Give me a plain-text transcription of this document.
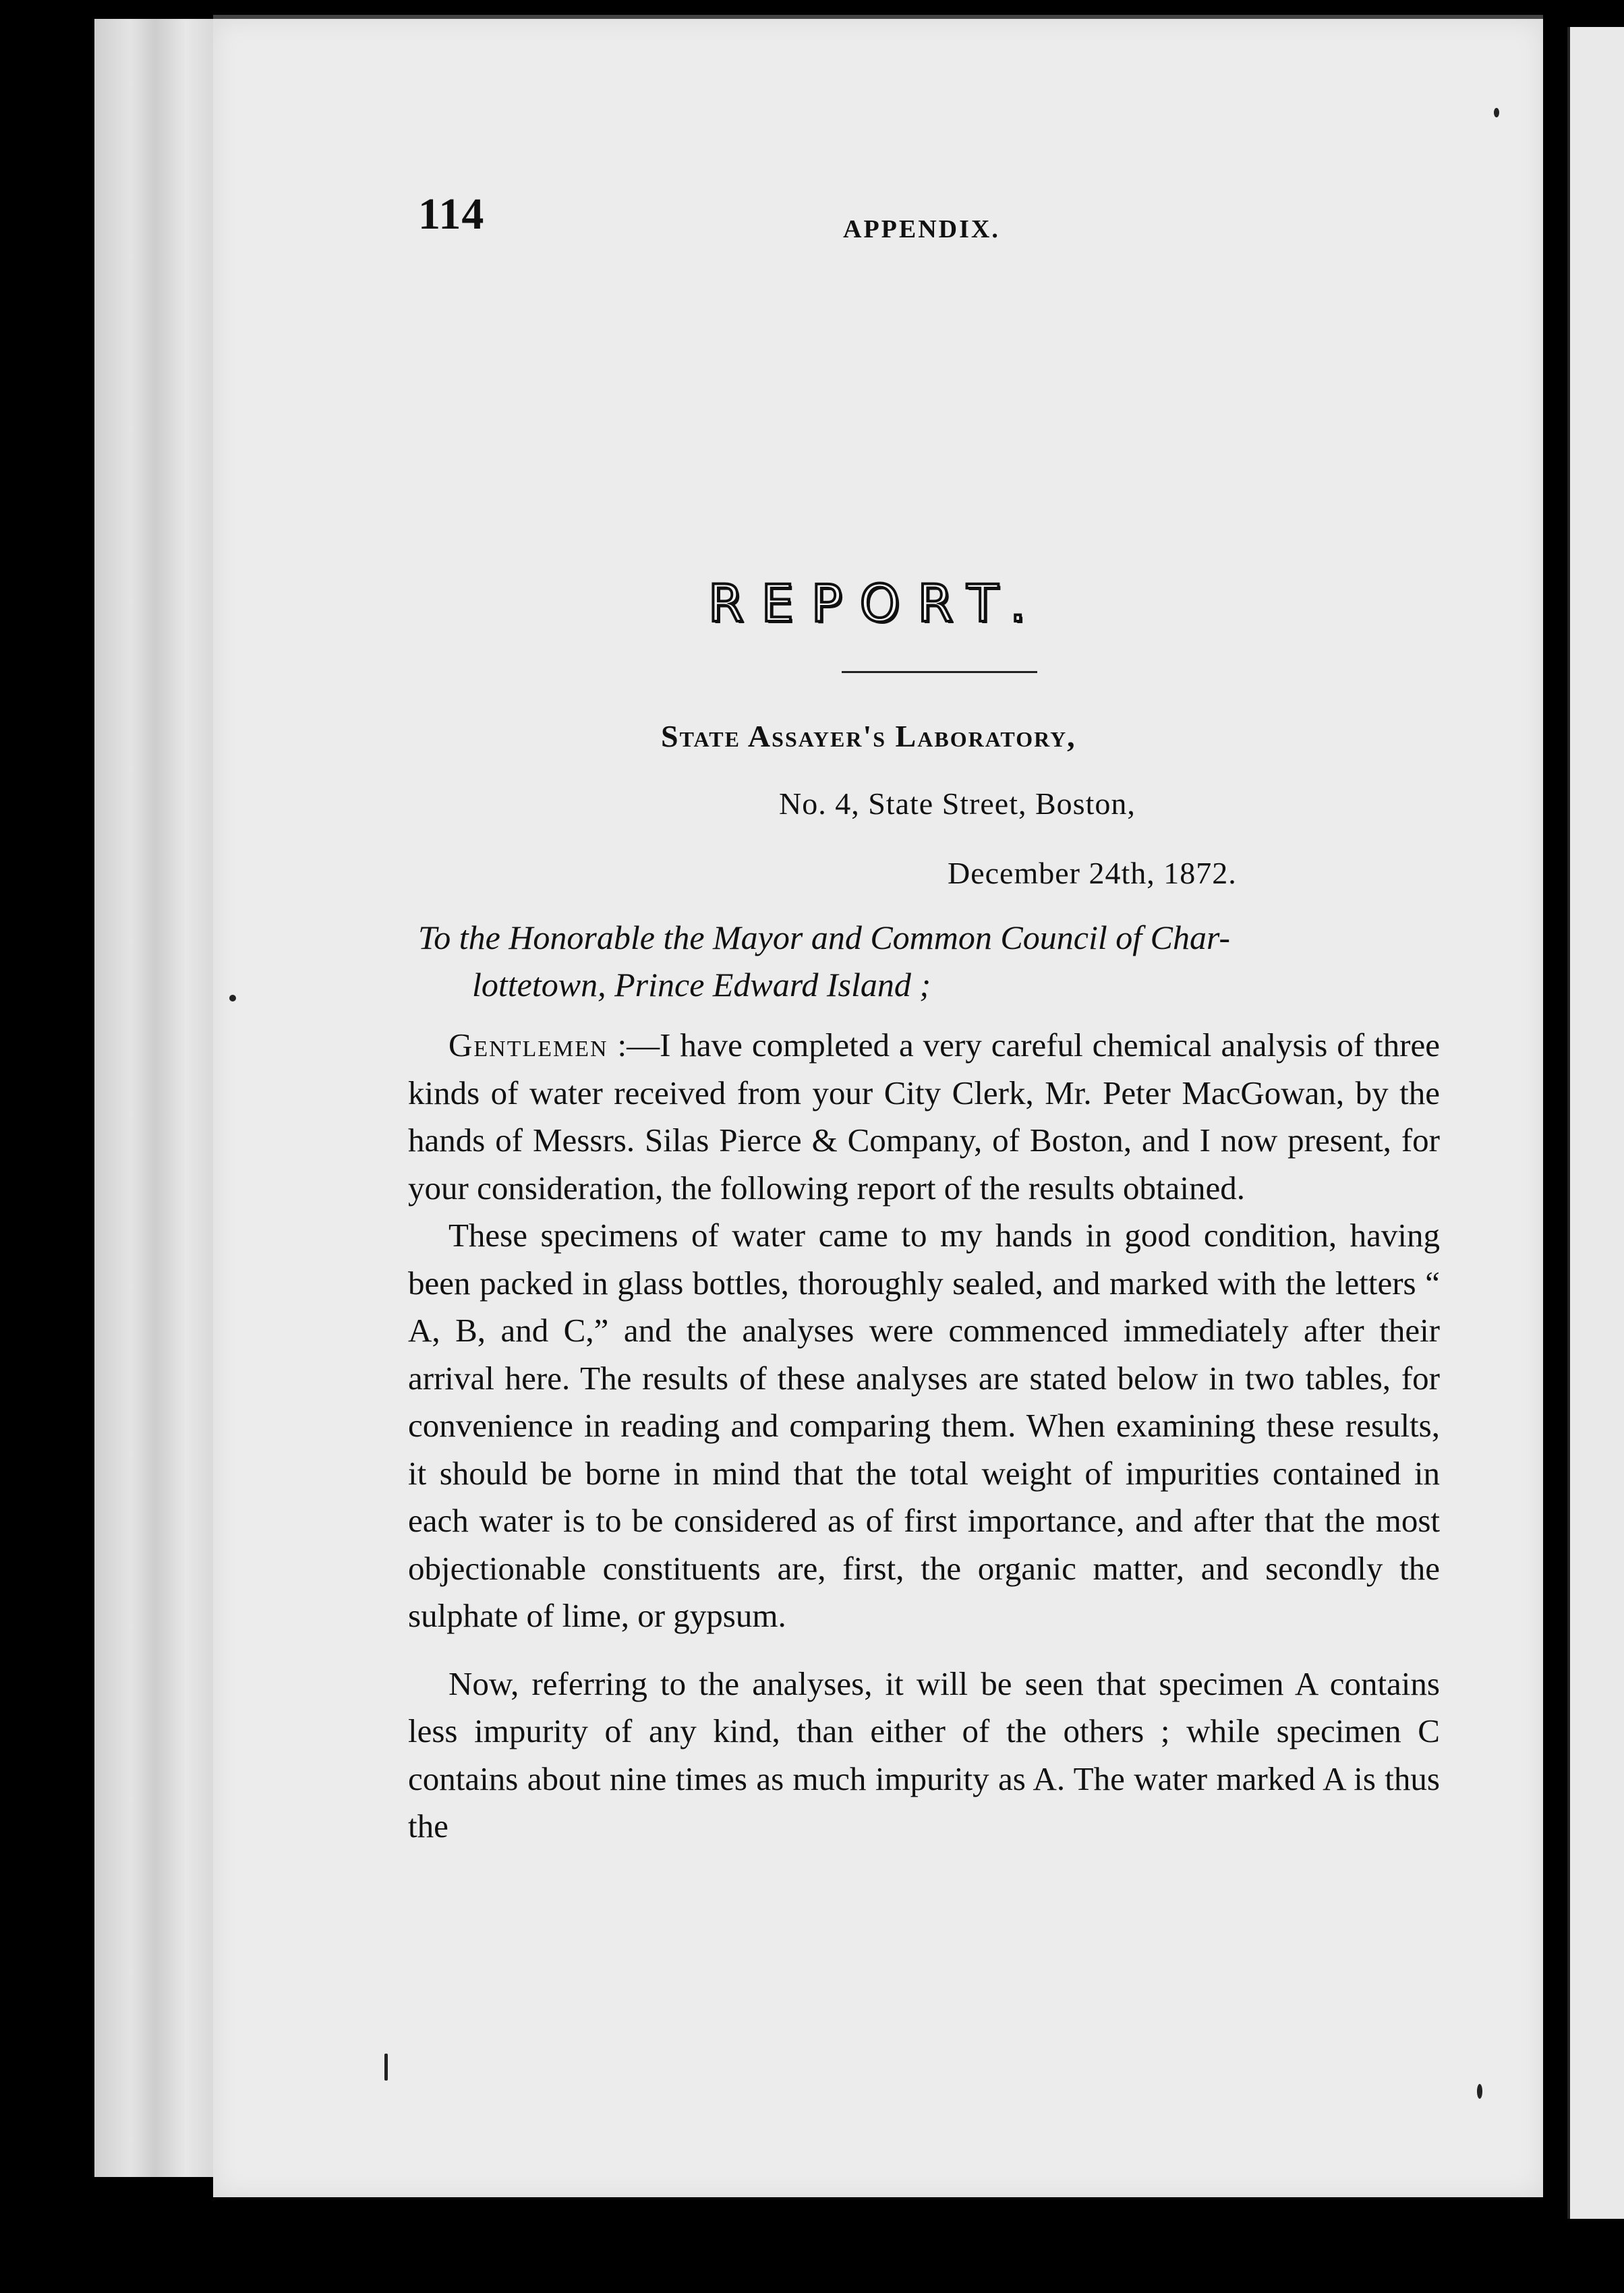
114	APPENDIX.
REPORT.
State Assayer's Laboratory,
No. 4, State Street, Boston,
December 24th, 1872.
To the Honorable the Mayor and Common Council of Char-
lottetown, Prince Edward Island ;

Gentlemen :—I have completed a very careful chemical analysis of three kinds of water received from your City Clerk, Mr. Peter MacGowan, by the hands of Messrs. Silas Pierce & Company, of Boston, and I now present, for your consideration, the following report of the results obtained.

These specimens of water came to my hands in good condition, having been packed in glass bottles, thoroughly sealed, and marked with the letters “ A, B, and C,” and the analyses were commenced immediately after their arrival here. The results of these analyses are stated below in two tables, for convenience in reading and comparing them. When examining these results, it should be borne in mind that the total weight of impurities contained in each water is to be considered as of first importance, and after that the most objectionable constituents are, first, the organic matter, and secondly the sulphate of lime, or gypsum.

Now, referring to the analyses, it will be seen that specimen A contains less impurity of any kind, than either of the others ; while specimen C contains about nine times as much impurity as A. The water marked A is thus the
